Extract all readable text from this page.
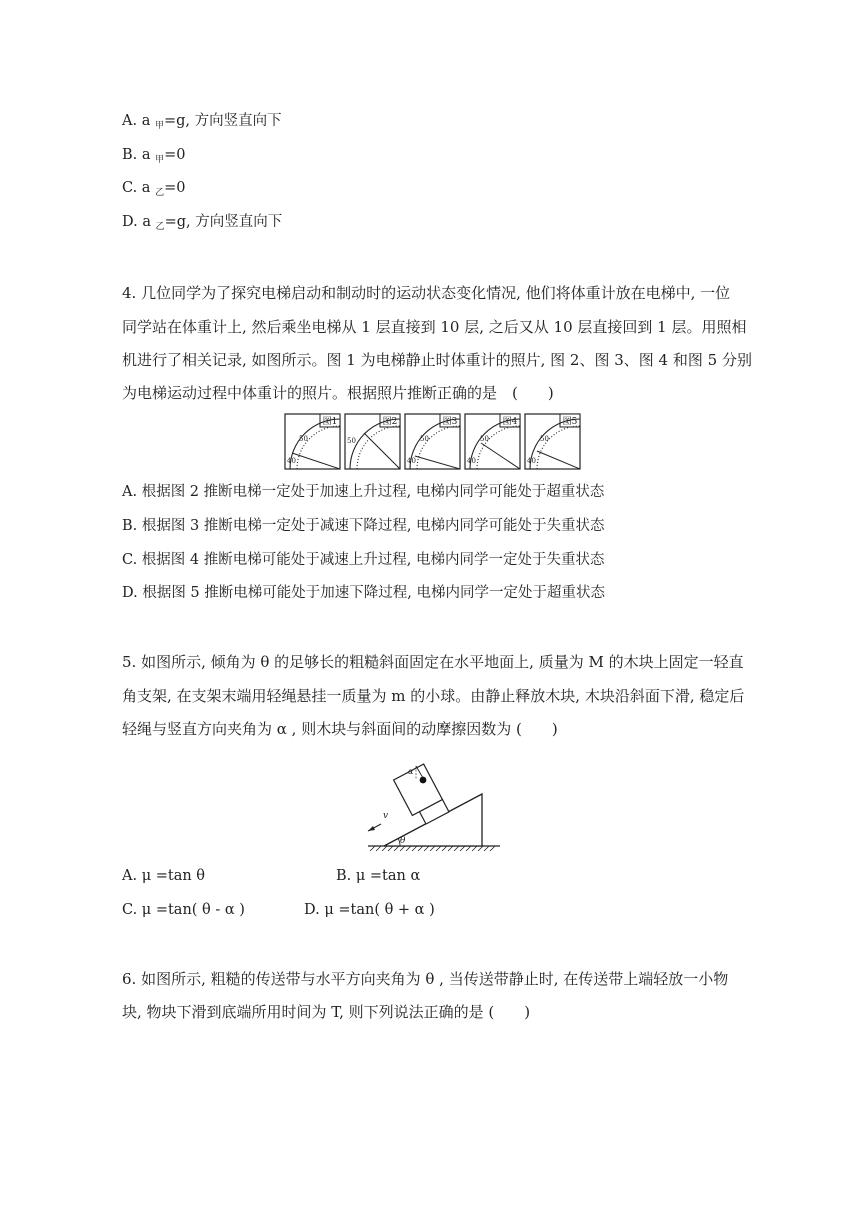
A. a $_甲$=g, 方向竖直向下
B. a $_甲$=0
C. a $_乙$=0
D. a $_乙$=g, 方向竖直向下
4. 几位同学为了探究电梯启动和制动时的运动状态变化情况, 他们将体重计放在电梯中, 一位
同学站在体重计上, 然后乘坐电梯从 1 层直接到 10 层, 之后又从 10 层直接回到 1 层。用照相
机进行了相关记录, 如图所示。图 1 为电梯静止时体重计的照片, 图 2、图 3、图 4 和图 5 分别
为电梯运动过程中体重计的照片。根据照片推断正确的是　(　　)
图1
50
40
图2
50
图3
50
40
图4
50
40
图5
50
40
A. 根据图 2 推断电梯一定处于加速上升过程, 电梯内同学可能处于超重状态
B. 根据图 3 推断电梯一定处于减速下降过程, 电梯内同学可能处于失重状态
C. 根据图 4 推断电梯可能处于减速上升过程, 电梯内同学一定处于失重状态
D. 根据图 5 推断电梯可能处于加速下降过程, 电梯内同学一定处于超重状态
5. 如图所示, 倾角为 θ 的足够长的粗糙斜面固定在水平地面上, 质量为 M 的木块上固定一轻直
角支架, 在支架末端用轻绳悬挂一质量为 m 的小球。由静止释放木块, 木块沿斜面下滑, 稳定后
轻绳与竖直方向夹角为 α , 则木块与斜面间的动摩擦因数为 (　　)
θ
α
v
A. μ =tan θ	B. μ =tan α
C. μ =tan( θ - α )	D. μ =tan( θ + α )
6. 如图所示, 粗糙的传送带与水平方向夹角为 θ , 当传送带静止时, 在传送带上端轻放一小物
块, 物块下滑到底端所用时间为 T, 则下列说法正确的是 (　　)
